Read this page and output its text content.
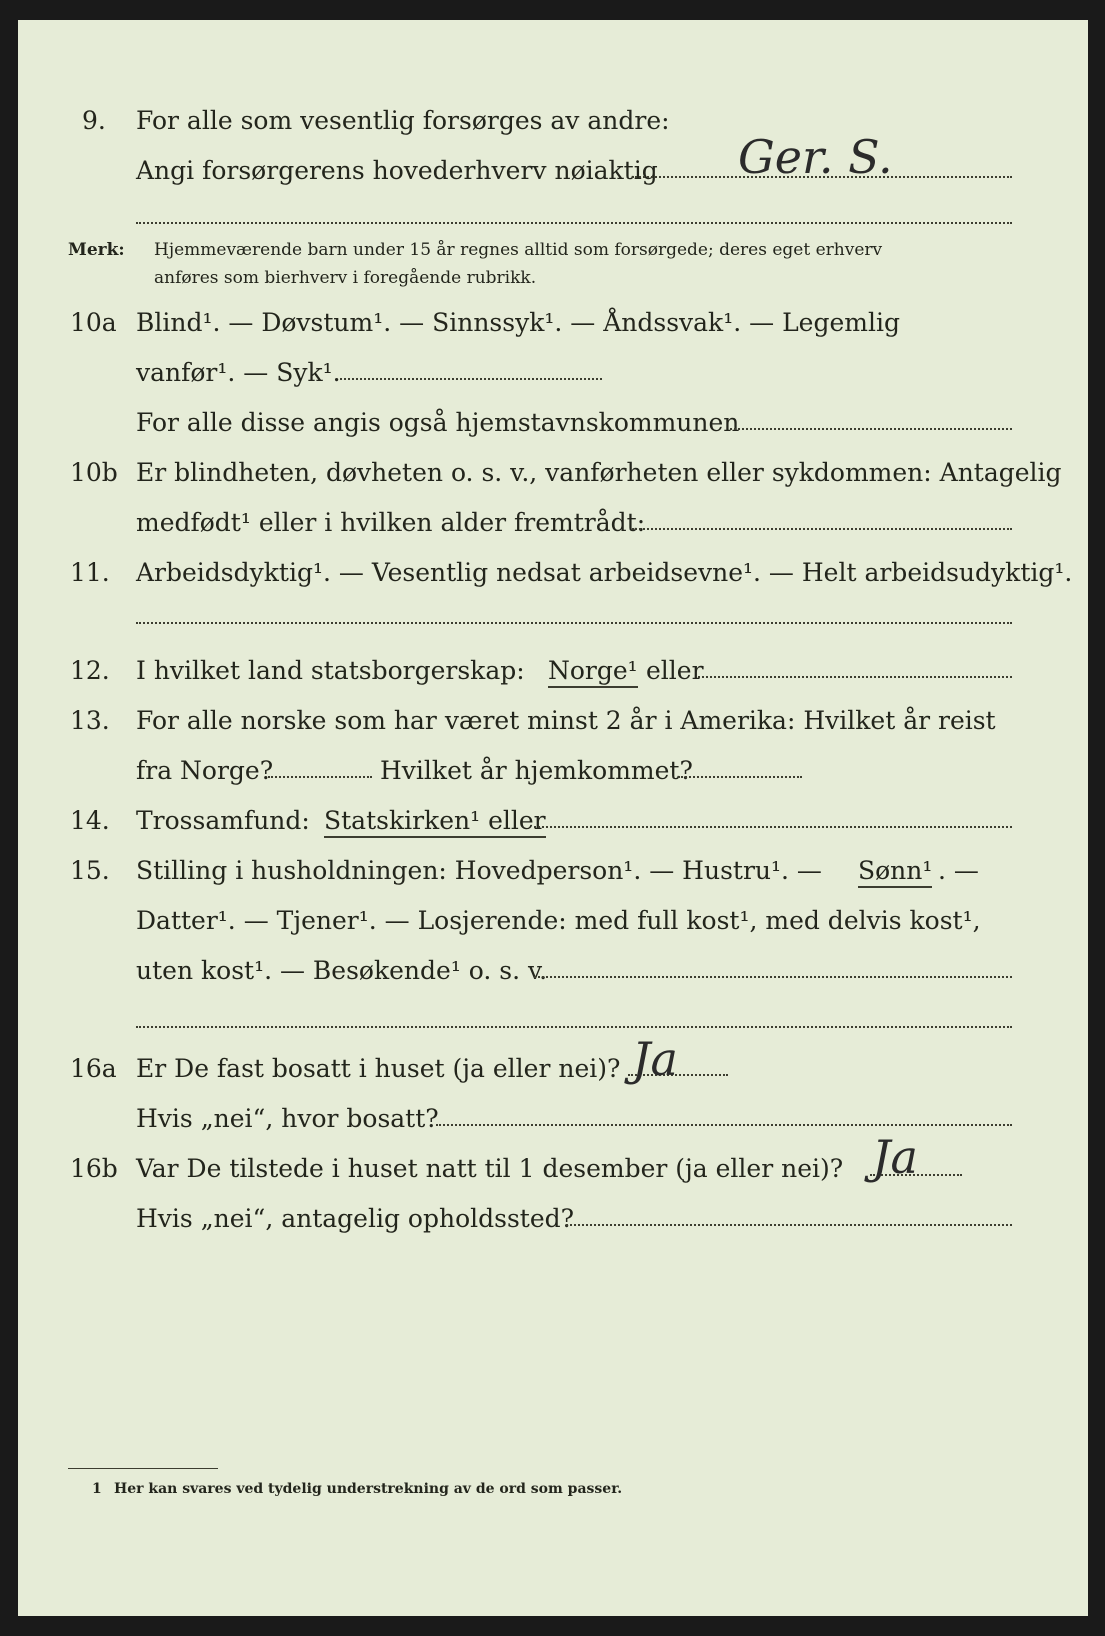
9. For alle som vesentlig forsørges av andre:
Angi forsørgerens hovederhverv nøiaktig Ger. S.
Merk: Hjemmeværende barn under 15 år regnes alltid som forsørgede; deres eget erhverv
anføres som bierhverv i foregående rubrikk.
10a Blind¹. — Døvstum¹. — Sinnssyk¹. — Åndssvak¹. — Legemlig
vanfør¹. — Syk¹.
For alle disse angis også hjemstavnskommunen
10b Er blindheten, døvheten o. s. v., vanførheten eller sykdommen: Antagelig
medfødt¹ eller i hvilken alder fremtrådt:
11. Arbeidsdyktig¹. — Vesentlig nedsat arbeidsevne¹. — Helt arbeidsudyktig¹.
12. I hvilket land statsborgerskap: Norge¹ eller
13. For alle norske som har været minst 2 år i Amerika: Hvilket år reist
fra Norge?	Hvilket år hjemkommet?
14. Trossamfund: Statskirken¹ eller
15. Stilling i husholdningen: Hovedperson¹. — Hustru¹. — Sønn¹ . —
Datter¹. — Tjener¹. — Losjerende: med full kost¹, med delvis kost¹,
uten kost¹. — Besøkende¹ o. s. v.
16a Er De fast bosatt i huset (ja eller nei)? Ja
Hvis „nei“, hvor bosatt?
16b Var De tilstede i huset natt til 1 desember (ja eller nei)? Ja
Hvis „nei“, antagelig opholdssted?
1 Her kan svares ved tydelig understrekning av de ord som passer.
